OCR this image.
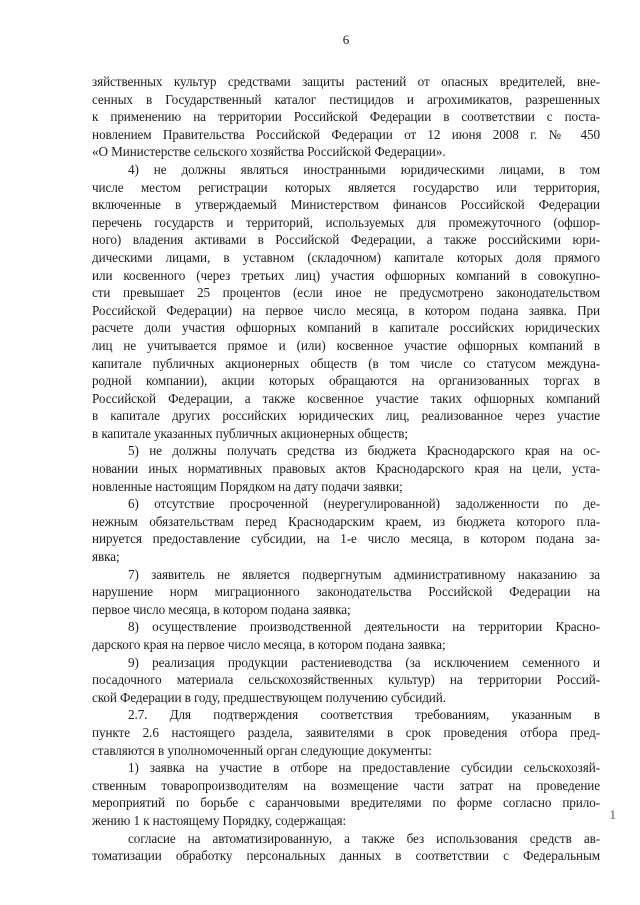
6
зяйственных культур средствами защиты растений от опасных вредителей, вне-
сенных в Государственный каталог пестицидов и агрохимикатов, разрешенных
к применению на территории Российской Федерации в соответствии с поста-
новлением Правительства Российской Федерации от 12 июня 2008 г. № 450
«О Министерстве сельского хозяйства Российской Федерации».
4) не должны являться иностранными юридическими лицами, в том
числе местом регистрации которых является государство или территория,
включенные в утверждаемый Министерством финансов Российской Федерации
перечень государств и территорий, используемых для промежуточного (офшор-
ного) владения активами в Российской Федерации, а также российскими юри-
дическими лицами, в уставном (складочном) капитале которых доля прямого
или косвенного (через третьих лиц) участия офшорных компаний в совокупно-
сти превышает 25 процентов (если иное не предусмотрено законодательством
Российской Федерации) на первое число месяца, в котором подана заявка. При
расчете доли участия офшорных компаний в капитале российских юридических
лиц не учитывается прямое и (или) косвенное участие офшорных компаний в
капитале публичных акционерных обществ (в том числе со статусом междуна-
родной компании), акции которых обращаются на организованных торгах в
Российской Федерации, а также косвенное участие таких офшорных компаний
в капитале других российских юридических лиц, реализованное через участие
в капитале указанных публичных акционерных обществ;
5) не должны получать средства из бюджета Краснодарского края на ос-
новании иных нормативных правовых актов Краснодарского края на цели, уста-
новленные настоящим Порядком на дату подачи заявки;
6) отсутствие просроченной (неурегулированной) задолженности по де-
нежным обязательствам перед Краснодарским краем, из бюджета которого пла-
нируется предоставление субсидии, на 1-е число месяца, в котором подана за-
явка;
7) заявитель не является подвергнутым административному наказанию за
нарушение норм миграционного законодательства Российской Федерации на
первое число месяца, в котором подана заявка;
8) осуществление производственной деятельности на территории Красно-
дарского края на первое число месяца, в котором подана заявка;
9) реализация продукции растениеводства (за исключением семенного и
посадочного материала сельскохозяйственных культур) на территории Россий-
ской Федерации в году, предшествующем получению субсидий.
2.7. Для подтверждения соответствия требованиям, указанным в
пункте 2.6 настоящего раздела, заявителями в срок проведения отбора пред-
ставляются в уполномоченный орган следующие документы:
1) заявка на участие в отборе на предоставление субсидии сельскохозяй-
ственным товаропроизводителям на возмещение части затрат на проведение
мероприятий по борьбе с саранчовыми вредителями по форме согласно прило-
жению 1 к настоящему Порядку, содержащая:
согласие на автоматизированную, а также без использования средств ав-
томатизации обработку персональных данных в соответствии с Федеральным
1
